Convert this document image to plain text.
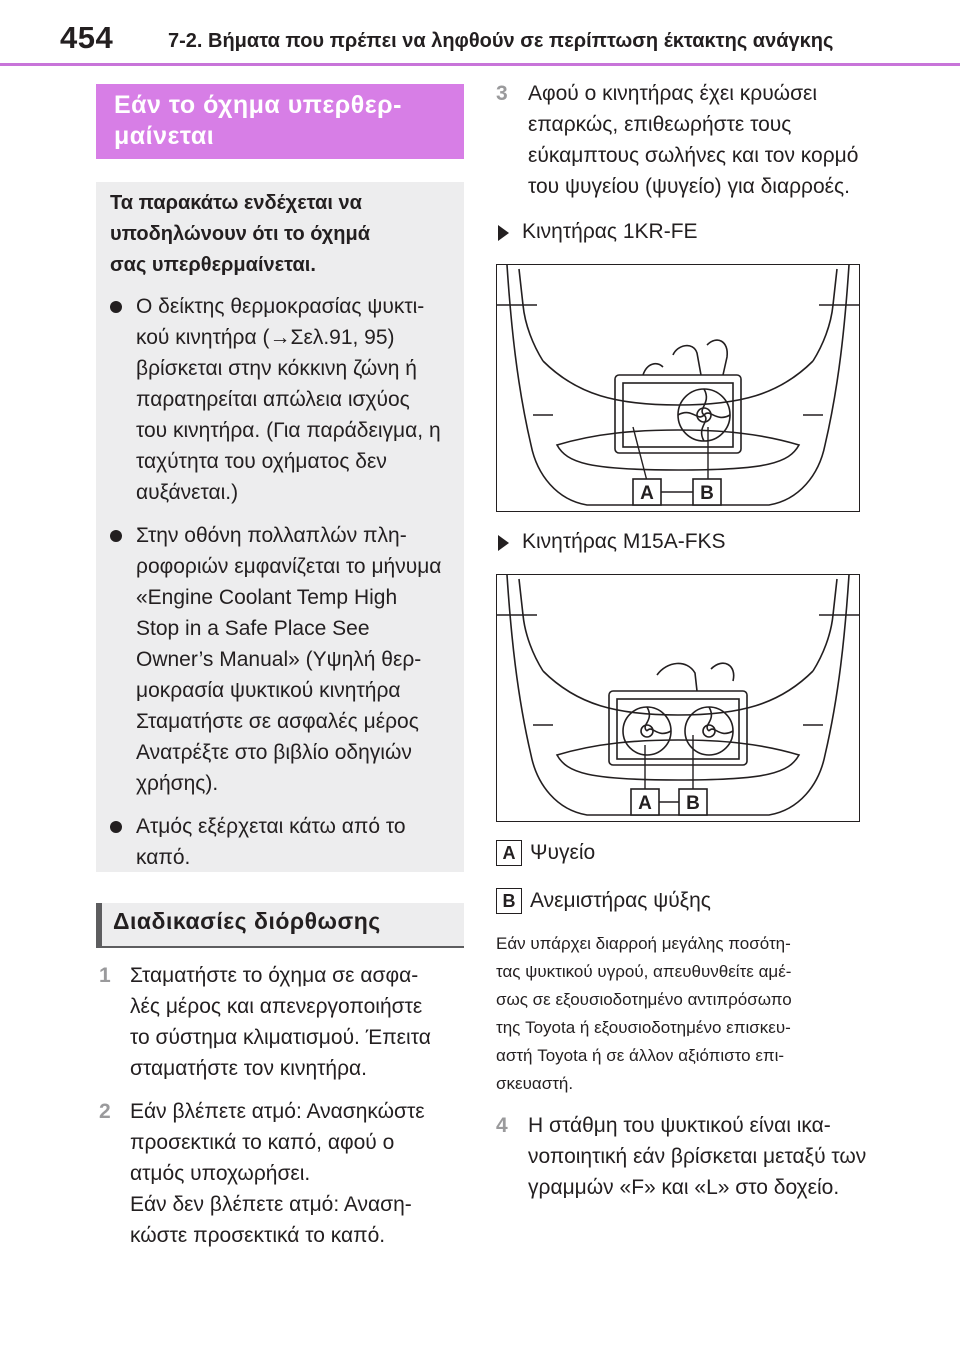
454	7-2. Βήματα που πρέπει να ληφθούν σε περίπτωση έκτακτης ανάγκης
Εάν το όχημα υπερθερ-
μαίνεται
Τα παρακάτω ενδέχεται να
υποδηλώνουν ότι το όχημά
σας υπερθερμαίνεται.
Ο δείκτης θερμοκρασίας ψυκτι- κού κινητήρα (→Σελ.91, 95) βρίσκεται στην κόκκινη ζώνη ή παρατηρείται απώλεια ισχύος του κινητήρα. (Για παράδειγμα, η ταχύτητα του οχήματος δεν αυξάνεται.)
Στην οθόνη πολλαπλών πλη- ροφοριών εμφανίζεται το μήνυμα «Engine Coolant Temp High Stop in a Safe Place See Owner’s Manual» (Υψηλή θερ- μοκρασία ψυκτικού κινητήρα Σταματήστε σε ασφαλές μέρος Ανατρέξτε στο βιβλίο οδηγιών χρήσης).
Ατμός εξέρχεται κάτω από το καπό.
Διαδικασίες διόρθωσης
1 Σταματήστε το όχημα σε ασφα-
λές μέρος και απενεργοποιήστε
το σύστημα κλιματισμού. Έπειτα
σταματήστε τον κινητήρα.
2 Εάν βλέπετε ατμό: Ανασηκώστε
προσεκτικά το καπό, αφού ο
ατμός υποχωρήσει.
Εάν δεν βλέπετε ατμό: Αναση-
κώστε προσεκτικά το καπό.
3 Αφού ο κινητήρας έχει κρυώσει επαρκώς, επιθεωρήστε τους εύκαμπτους σωλήνες και τον κορμό του ψυγείου (ψυγείο) για διαρροές.
Κινητήρας 1KR-FE
A B
Κινητήρας M15A-FKS
A B
A Ψυγείο
B Ανεμιστήρας ψύξης
Εάν υπάρχει διαρροή μεγάλης ποσότη-
τας ψυκτικού υγρού, απευθυνθείτε αμέ-
σως σε εξουσιοδοτημένο αντιπρόσωπο
της Toyota ή εξουσιοδοτημένο επισκευ-
αστή Toyota ή σε άλλον αξιόπιστο επι-
σκευαστή.
4 Η στάθμη του ψυκτικού είναι ικα- νοποιητική εάν βρίσκεται μεταξύ των γραμμών «F» και «L» στο δοχείο.
